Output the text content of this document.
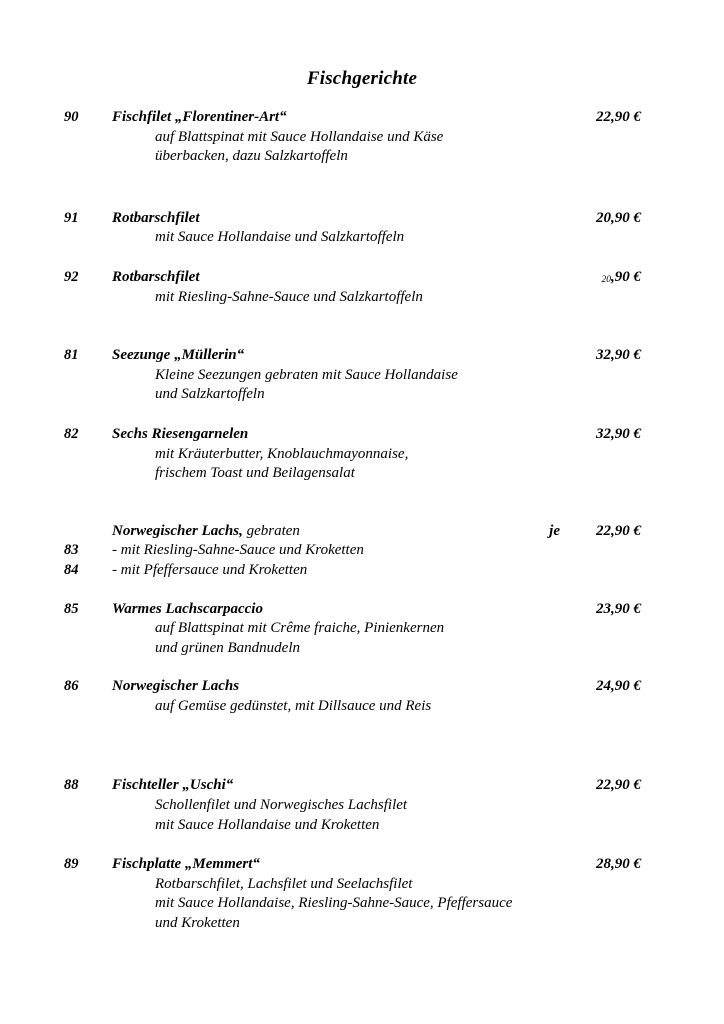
Fischgerichte
90	Fischfilet „Florentiner-Art“	22,90 €
auf Blattspinat mit Sauce Hollandaise und Käse
überbacken, dazu Salzkartoffeln
91	Rotbarschfilet	20,90 €
mit Sauce Hollandaise und Salzkartoffeln
92	Rotbarschfilet	20,90 €
mit Riesling-Sahne-Sauce und Salzkartoffeln
81	Seezunge „Müllerin“	32,90 €
Kleine Seezungen gebraten mit Sauce Hollandaise
und Salzkartoffeln
82	Sechs Riesengarnelen	32,90 €
mit Kräuterbutter, Knoblauchmayonnaise,
frischem Toast und Beilagensalat
Norwegischer Lachs, gebraten	je	22,90 €
83	- mit Riesling-Sahne-Sauce und Kroketten
84	- mit Pfeffersauce und Kroketten
85	Warmes Lachscarpaccio	23,90 €
auf Blattspinat mit Crême fraiche, Pinienkernen
und grünen Bandnudeln
86	Norwegischer Lachs	24,90 €
auf Gemüse gedünstet, mit Dillsauce und Reis
88	Fischteller „Uschi“	22,90 €
Schollenfilet und Norwegisches Lachsfilet
mit Sauce Hollandaise und Kroketten
89	Fischplatte „Memmert“	28,90 €
Rotbarschfilet, Lachsfilet und Seelachsfilet
mit Sauce Hollandaise, Riesling-Sahne-Sauce, Pfeffersauce
und Kroketten
